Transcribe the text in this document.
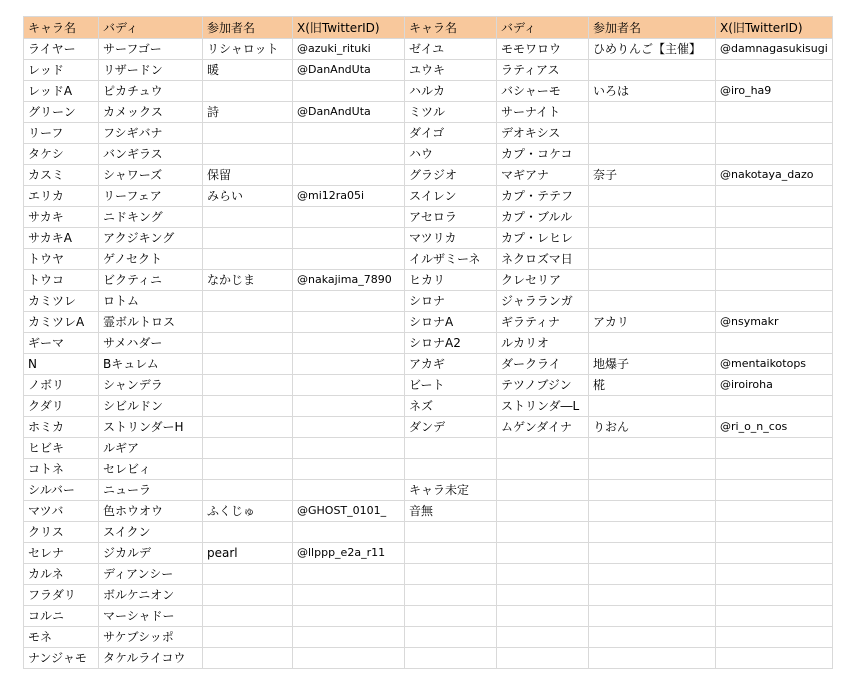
キャラ名	バディ	参加者名	X(旧TwitterID)	キャラ名	バディ	参加者名	X(旧TwitterID)
ライヤー	サーフゴー	リシャロット	@azuki_rituki	ゼイユ	モモワロウ	ひめりんご【主催】	@damnagasukisugi
レッド	リザードン	暖	@DanAndUta	ユウキ	ラティアス		
レッドA	ピカチュウ			ハルカ	バシャーモ	いろは	@iro_ha9
グリーン	カメックス	詩	@DanAndUta	ミツル	サーナイト		
リーフ	フシギバナ			ダイゴ	デオキシス		
タケシ	バンギラス			ハウ	カプ・コケコ		
カスミ	シャワーズ	保留		グラジオ	マギアナ	奈子	@nakotaya_dazo
エリカ	リーフェア	みらい	@mi12ra05i	スイレン	カプ・テテフ		
サカキ	ニドキング			アセロラ	カプ・ブルル		
サカキA	アクジキング			マツリカ	カプ・レヒレ		
トウヤ	ゲノセクト			イルザミーネ	ネクロズマ日		
トウコ	ビクティニ	なかじま	@nakajima_7890	ヒカリ	クレセリア		
カミツレ	ロトム			シロナ	ジャラランガ		
カミツレA	霊ボルトロス			シロナA	ギラティナ	アカリ	@nsymakr
ギーマ	サメハダー			シロナA2	ルカリオ		
N	Bキュレム			アカギ	ダークライ	地爆子	@mentaikotops
ノボリ	シャンデラ			ビート	テツノブジン	椛	@iroiroha
クダリ	シビルドン			ネズ	ストリンダ―L		
ホミカ	ストリンダーH			ダンデ	ムゲンダイナ	りおん	@ri_o_n_cos
ヒビキ	ルギア						
コトネ	セレビィ						
シルバー	ニューラ			キャラ未定			
マツバ	色ホウオウ	ふくじゅ	@GHOST_0101_	音無			
クリス	スイクン						
セレナ	ジカルデ	pearl	@llppp_e2a_r11				
カルネ	ディアンシー						
フラダリ	ボルケニオン						
コルニ	マーシャドー						
モネ	サケブシッポ						
ナンジャモ	タケルライコウ						
